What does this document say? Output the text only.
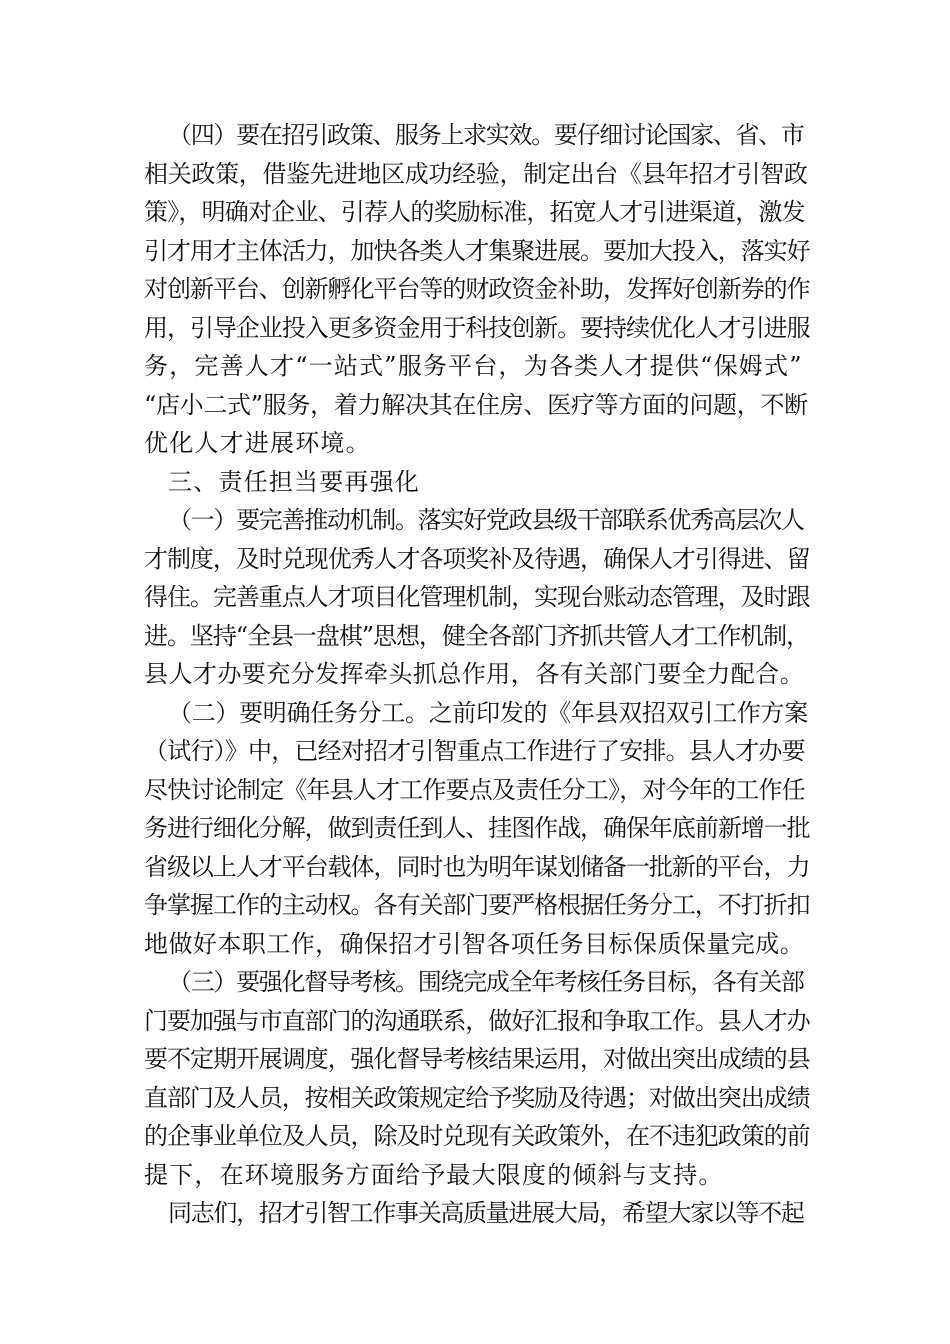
（四）要在招引政策、服务上求实效。要仔细讨论国家、省、市
相关政策，借鉴先进地区成功经验，制定出台《县年招才引智政
策》，明确对企业、引荐人的奖励标准，拓宽人才引进渠道，激发
引才用才主体活力，加快各类人才集聚进展。要加大投入，落实好
对创新平台、创新孵化平台等的财政资金补助，发挥好创新券的作
用，引导企业投入更多资金用于科技创新。要持续优化人才引进服
务，完善人才“一站式”服务平台，为各类人才提供“保姆式”
“店小二式”服务，着力解决其在住房、医疗等方面的问题，不断
优化人才进展环境。
三、责任担当要再强化
（一）要完善推动机制。落实好党政县级干部联系优秀高层次人
才制度，及时兑现优秀人才各项奖补及待遇，确保人才引得进、留
得住。完善重点人才项目化管理机制，实现台账动态管理，及时跟
进。坚持“全县一盘棋”思想，健全各部门齐抓共管人才工作机制，
县人才办要充分发挥牵头抓总作用，各有关部门要全力配合。
（二）要明确任务分工。之前印发的《年县双招双引工作方案
（试行）》中，已经对招才引智重点工作进行了安排。县人才办要
尽快讨论制定《年县人才工作要点及责任分工》，对今年的工作任
务进行细化分解，做到责任到人、挂图作战，确保年底前新增一批
省级以上人才平台载体，同时也为明年谋划储备一批新的平台，力
争掌握工作的主动权。各有关部门要严格根据任务分工，不打折扣
地做好本职工作，确保招才引智各项任务目标保质保量完成。
（三）要强化督导考核。围绕完成全年考核任务目标，各有关部
门要加强与市直部门的沟通联系，做好汇报和争取工作。县人才办
要不定期开展调度，强化督导考核结果运用，对做出突出成绩的县
直部门及人员，按相关政策规定给予奖励及待遇；对做出突出成绩
的企事业单位及人员，除及时兑现有关政策外，在不违犯政策的前
提下，在环境服务方面给予最大限度的倾斜与支持。
同志们，招才引智工作事关高质量进展大局，希望大家以等不起
